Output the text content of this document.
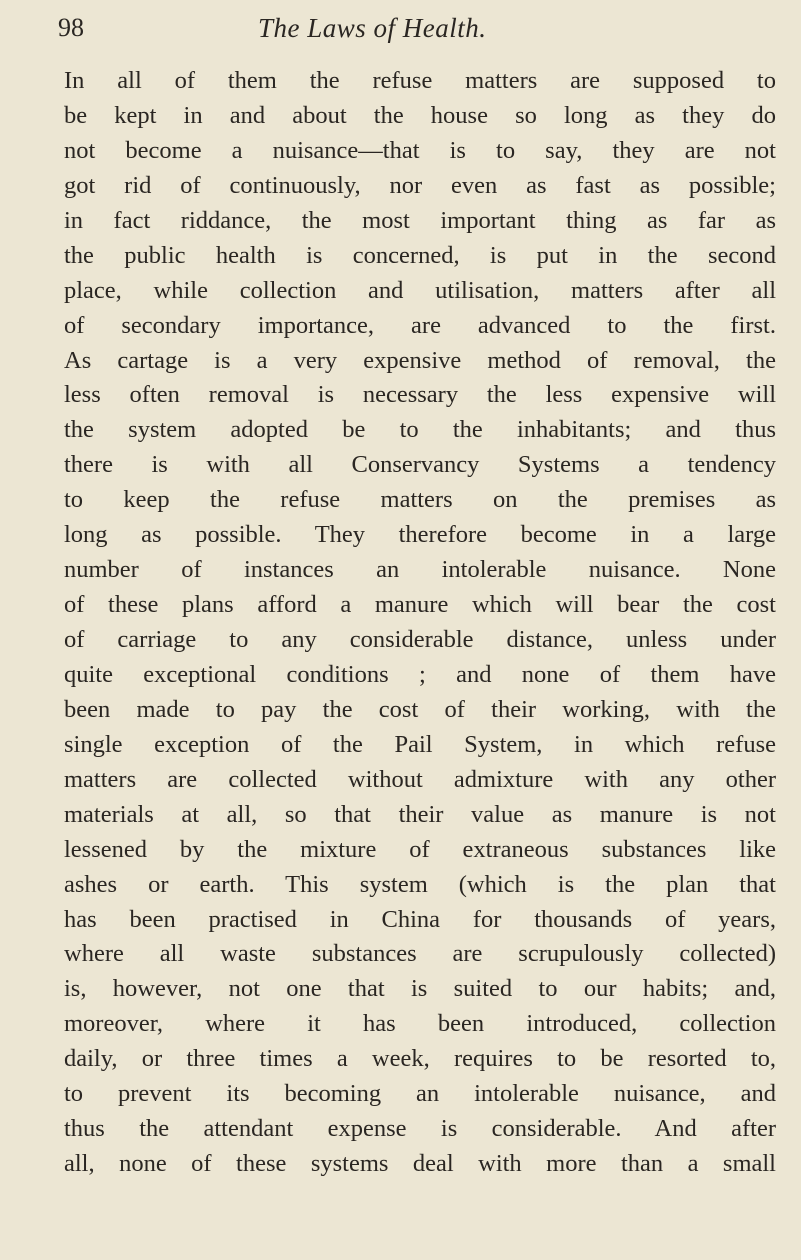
98	The Laws of Health.
In all of them the refuse matters are supposed to
be kept in and about the house so long as they do
not become a nuisance—that is to say, they are not
got rid of continuously, nor even as fast as possible;
in fact riddance, the most important thing as far as
the public health is concerned, is put in the second
place, while collection and utilisation, matters after all
of secondary importance, are advanced to the first.
As cartage is a very expensive method of removal, the
less often removal is necessary the less expensive will
the system adopted be to the inhabitants; and thus
there is with all Conservancy Systems a tendency
to keep the refuse matters on the premises as
long as possible. They therefore become in a large
number of instances an intolerable nuisance. None
of these plans afford a manure which will bear the cost
of carriage to any considerable distance, unless under
quite exceptional conditions ; and none of them have
been made to pay the cost of their working, with the
single exception of the Pail System, in which refuse
matters are collected without admixture with any other
materials at all, so that their value as manure is not
lessened by the mixture of extraneous substances like
ashes or earth. This system (which is the plan that
has been practised in China for thousands of years,
where all waste substances are scrupulously collected)
is, however, not one that is suited to our habits; and,
moreover, where it has been introduced, collection
daily, or three times a week, requires to be resorted to,
to prevent its becoming an intolerable nuisance, and
thus the attendant expense is considerable. And after
all, none of these systems deal with more than a small
